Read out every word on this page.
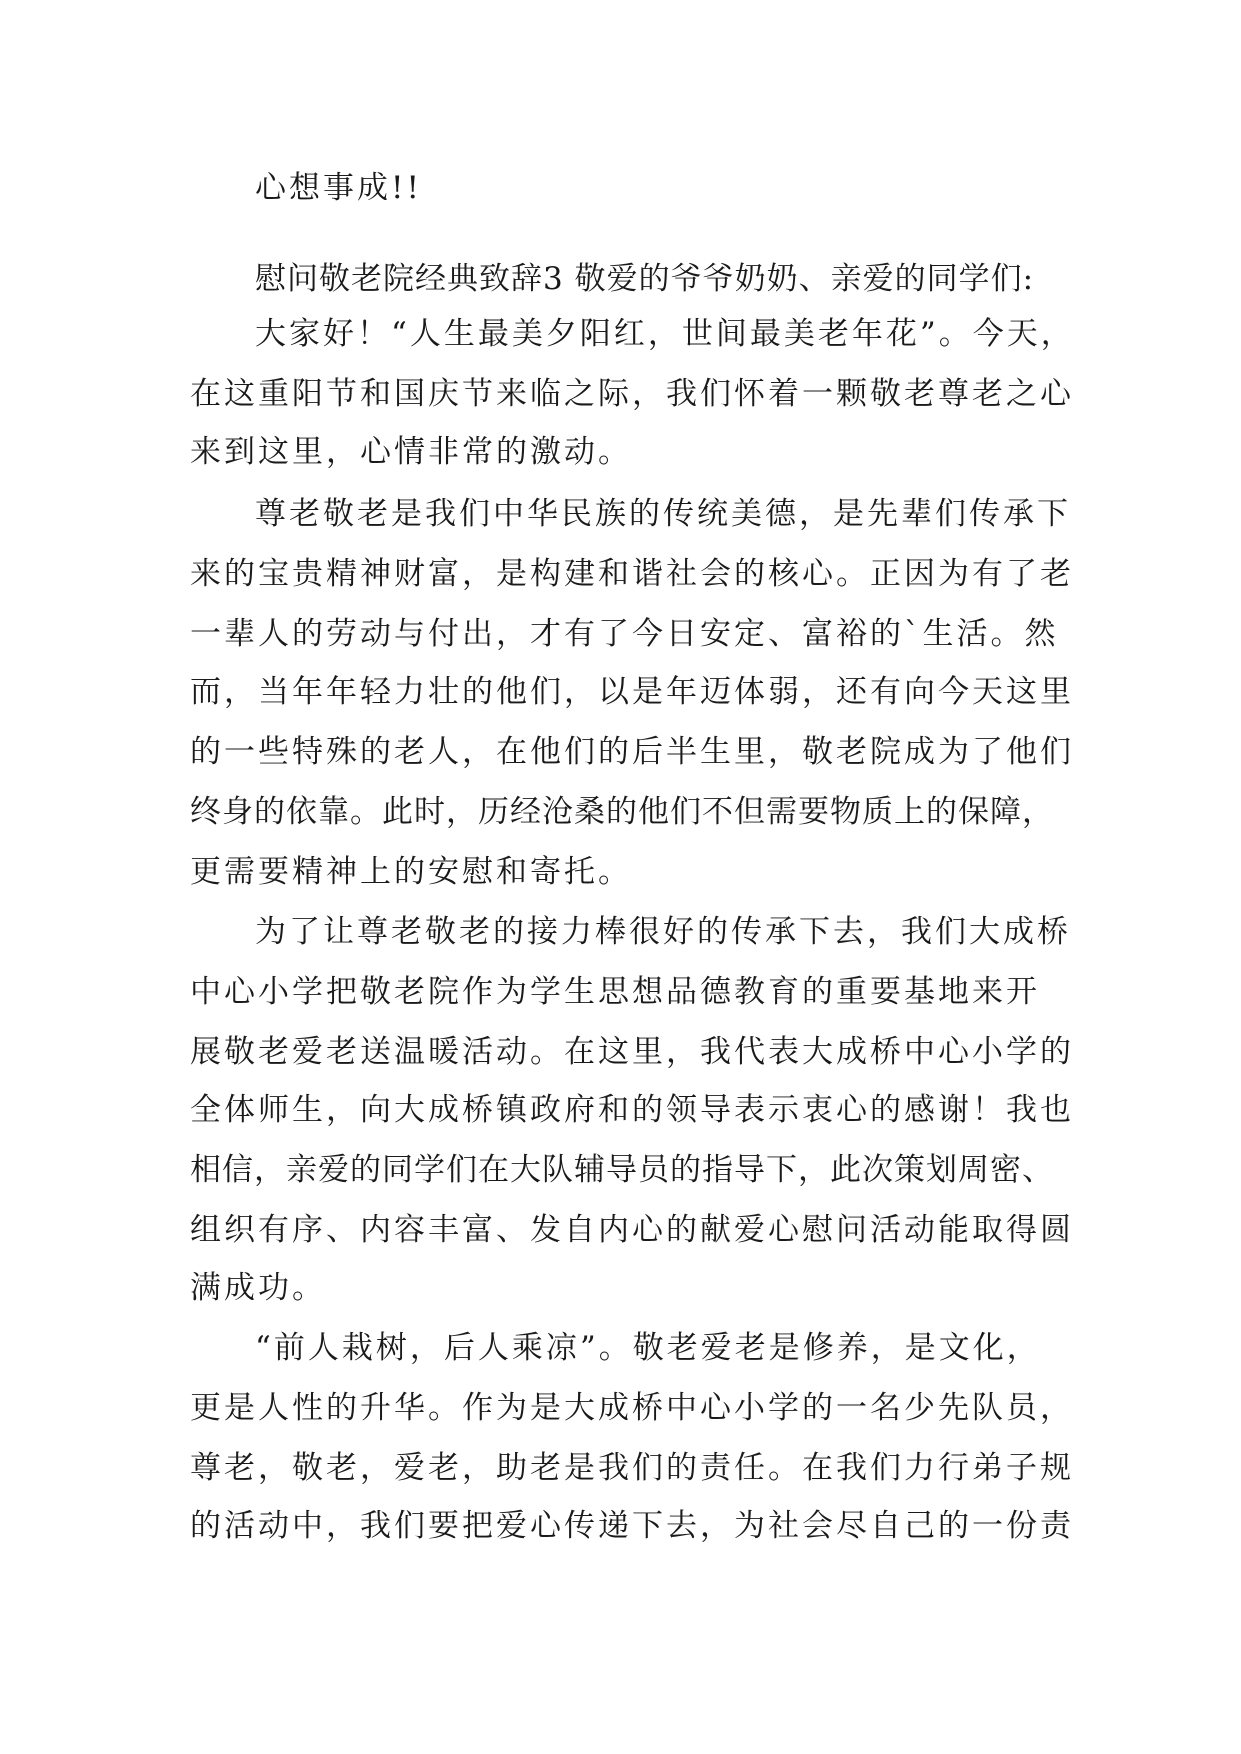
心想事成!!
慰问敬老院经典致辞3 敬爱的爷爷奶奶、亲爱的同学们:
大家好！“人生最美夕阳红，世间最美老年花”。今天，
在这重阳节和国庆节来临之际，我们怀着一颗敬老尊老之心
来到这里，心情非常的激动。
尊老敬老是我们中华民族的传统美德，是先辈们传承下
来的宝贵精神财富，是构建和谐社会的核心。正因为有了老
一辈人的劳动与付出，才有了今日安定、富裕的`生活。然
而，当年年轻力壮的他们，以是年迈体弱，还有向今天这里
的一些特殊的老人，在他们的后半生里，敬老院成为了他们
终身的依靠。此时，历经沧桑的他们不但需要物质上的保障，
更需要精神上的安慰和寄托。
为了让尊老敬老的接力棒很好的传承下去，我们大成桥
中心小学把敬老院作为学生思想品德教育的重要基地来开
展敬老爱老送温暖活动。在这里，我代表大成桥中心小学的
全体师生，向大成桥镇政府和的领导表示衷心的感谢！我也
相信，亲爱的同学们在大队辅导员的指导下，此次策划周密、
组织有序、内容丰富、发自内心的献爱心慰问活动能取得圆
满成功。
“前人栽树，后人乘凉”。敬老爱老是修养，是文化，
更是人性的升华。作为是大成桥中心小学的一名少先队员，
尊老，敬老，爱老，助老是我们的责任。在我们力行弟子规
的活动中，我们要把爱心传递下去，为社会尽自己的一份责
